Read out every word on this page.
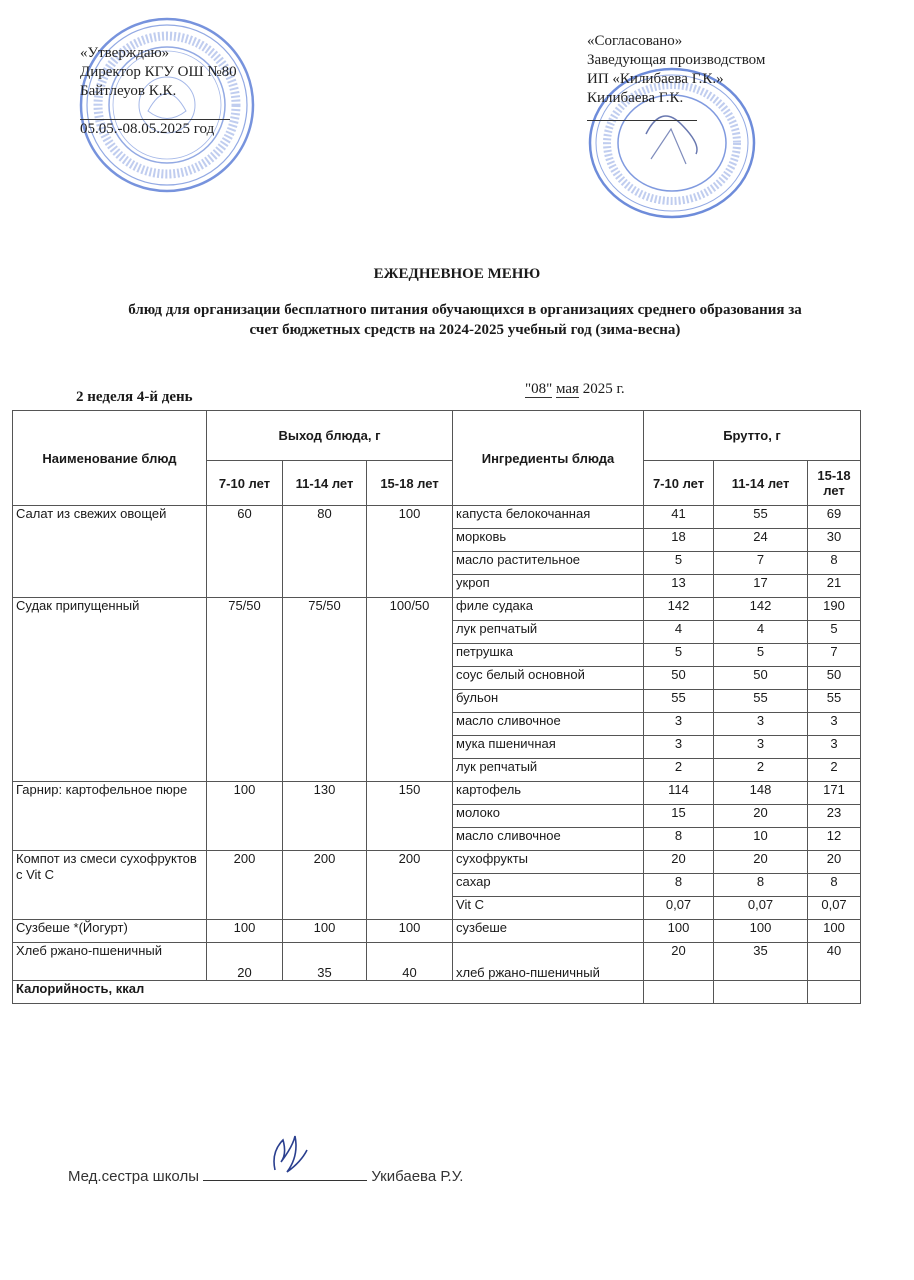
«Утверждаю»
Директор КГУ ОШ №80
Байтлеуов К.К.
05.05.-08.05.2025 год
«Согласовано»
Заведующая производством
ИП «Килибаева Г.К.»
Килибаева Г.К.
ЕЖЕДНЕВНОЕ МЕНЮ
блюд для организации бесплатного питания обучающихся в организациях среднего образования за счет бюджетных средств на 2024-2025 учебный год (зима-весна)
2 неделя 4-й день	"08" мая 2025 г.
Наименование блюд	Выход блюда, г			Ингредиенты блюда	Брутто, г		
	7-10 лет	11-14 лет	15-18 лет		7-10 лет	11-14 лет	15-18 лет
Салат из свежих овощей	60	80	100	капуста белокочанная	41	55	69
				морковь	18	24	30
				масло растительное	5	7	8
				укроп	13	17	21
Судак припущенный	75/50	75/50	100/50	филе судака	142	142	190
				лук репчатый	4	4	5
				петрушка	5	5	7
				соус белый основной	50	50	50
				бульон	55	55	55
				масло сливочное	3	3	3
				мука пшеничная	3	3	3
				лук репчатый	2	2	2
Гарнир: картофельное пюре	100	130	150	картофель	114	148	171
				молоко	15	20	23
				масло сливочное	8	10	12
Компот из смеси сухофруктов с Vit C	200	200	200	сухофрукты	20	20	20
				сахар	8	8	8
				Vit C	0,07	0,07	0,07
Сузбеше *(Йогурт)	100	100	100	сузбеше	100	100	100
Хлеб ржано-пшеничный	20	35	40	хлеб ржано-пшеничный	20	35	40
Калорийность, ккал							
Мед.сестра школы	Укибаева Р.У.
